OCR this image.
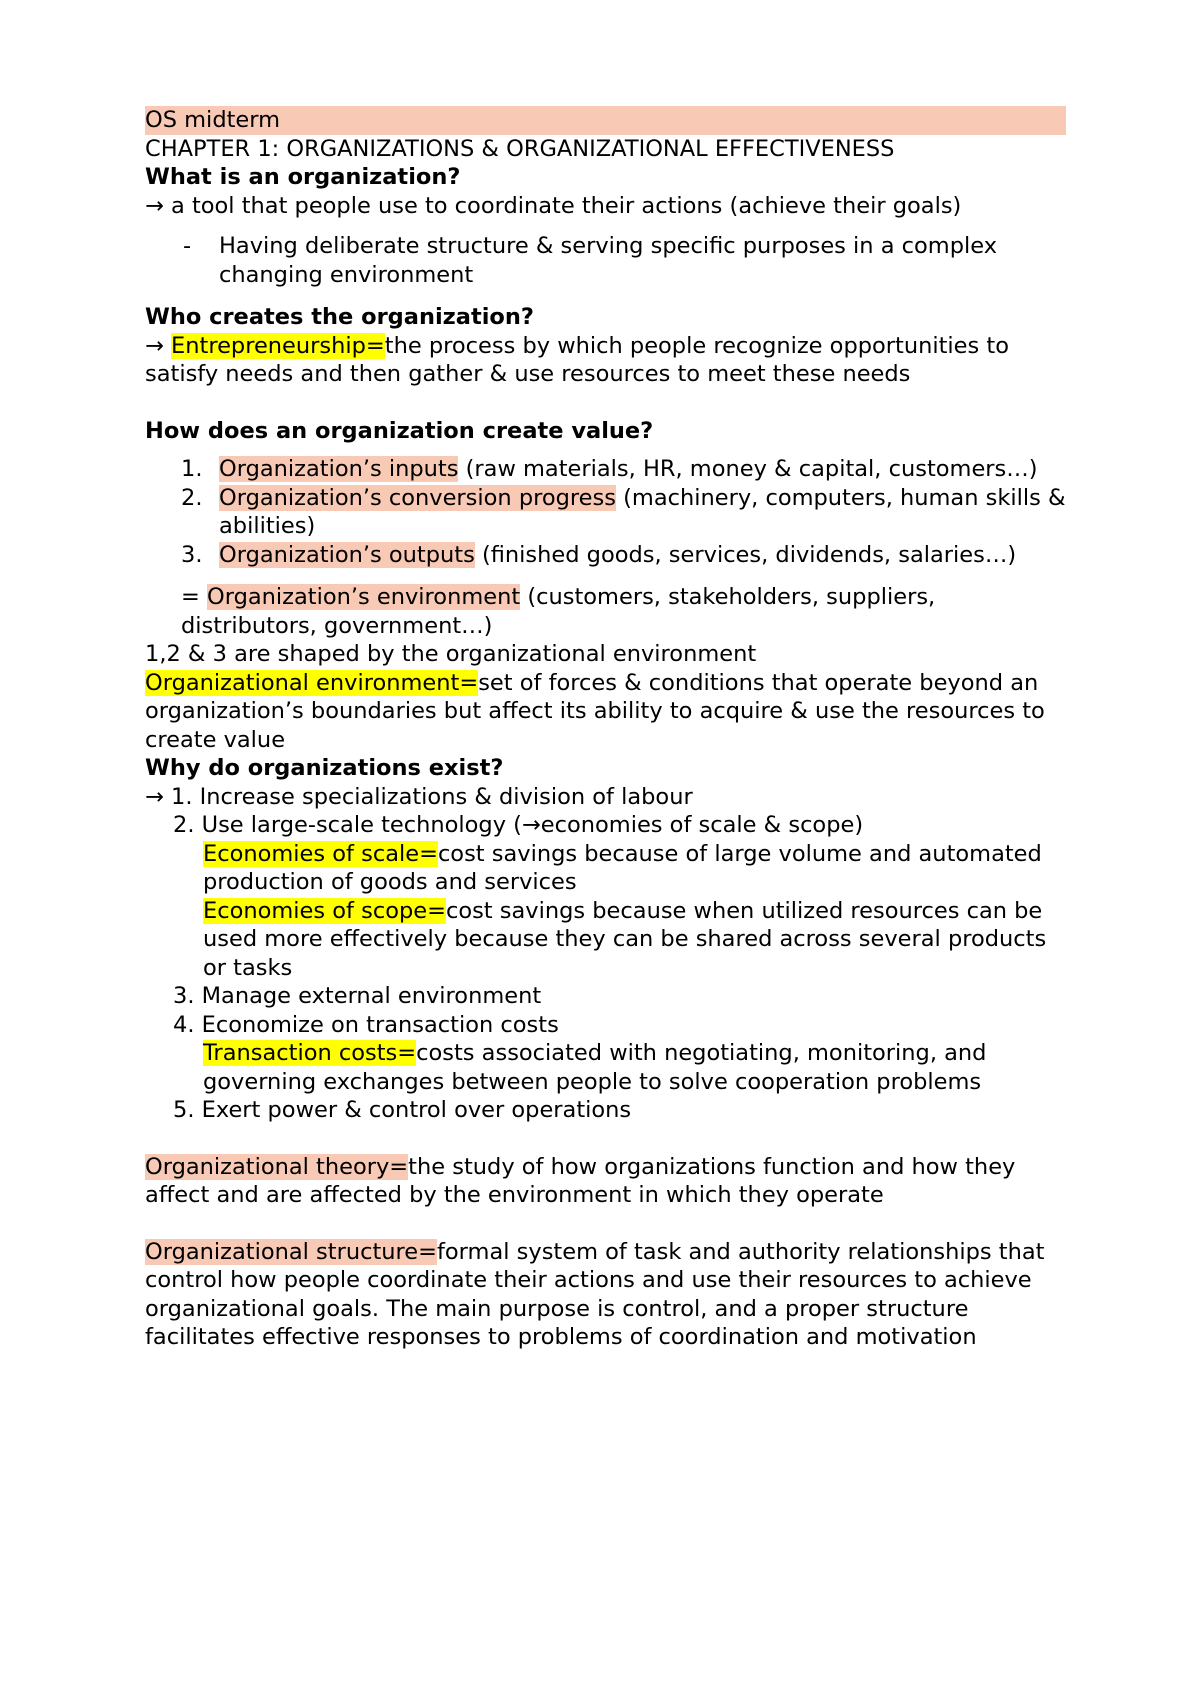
OS midterm

CHAPTER 1: ORGANIZATIONS & ORGANIZATIONAL EFFECTIVENESS

What is an organization?

→ a tool that people use to coordinate their actions (achieve their goals)

-	Having deliberate structure & serving specific purposes in a complex changing environment

Who creates the organization?

→ Entrepreneurship=the process by which people recognize opportunities to satisfy needs and then gather & use resources to meet these needs

How does an organization create value?

1. Organization’s inputs (raw materials, HR, money & capital, customers…)
2. Organization’s conversion progress (machinery, computers, human skills & abilities)
3. Organization’s outputs (finished goods, services, dividends, salaries…)

= Organization’s environment (customers, stakeholders, suppliers, distributors, government…)

1,2 & 3 are shaped by the organizational environment

Organizational environment=set of forces & conditions that operate beyond an organization’s boundaries but affect its ability to acquire & use the resources to create value

Why do organizations exist?

→ 1. Increase specializations & division of labour

2. Use large-scale technology (→economies of scale & scope)

Economies of scale=cost savings because of large volume and automated production of goods and services

Economies of scope=cost savings because when utilized resources can be used more effectively because they can be shared across several products or tasks

3. Manage external environment

4. Economize on transaction costs

Transaction costs=costs associated with negotiating, monitoring, and governing exchanges between people to solve cooperation problems

5. Exert power & control over operations

Organizational theory=the study of how organizations function and how they affect and are affected by the environment in which they operate

Organizational structure=formal system of task and authority relationships that control how people coordinate their actions and use their resources to achieve organizational goals. The main purpose is control, and a proper structure facilitates effective responses to problems of coordination and motivation
